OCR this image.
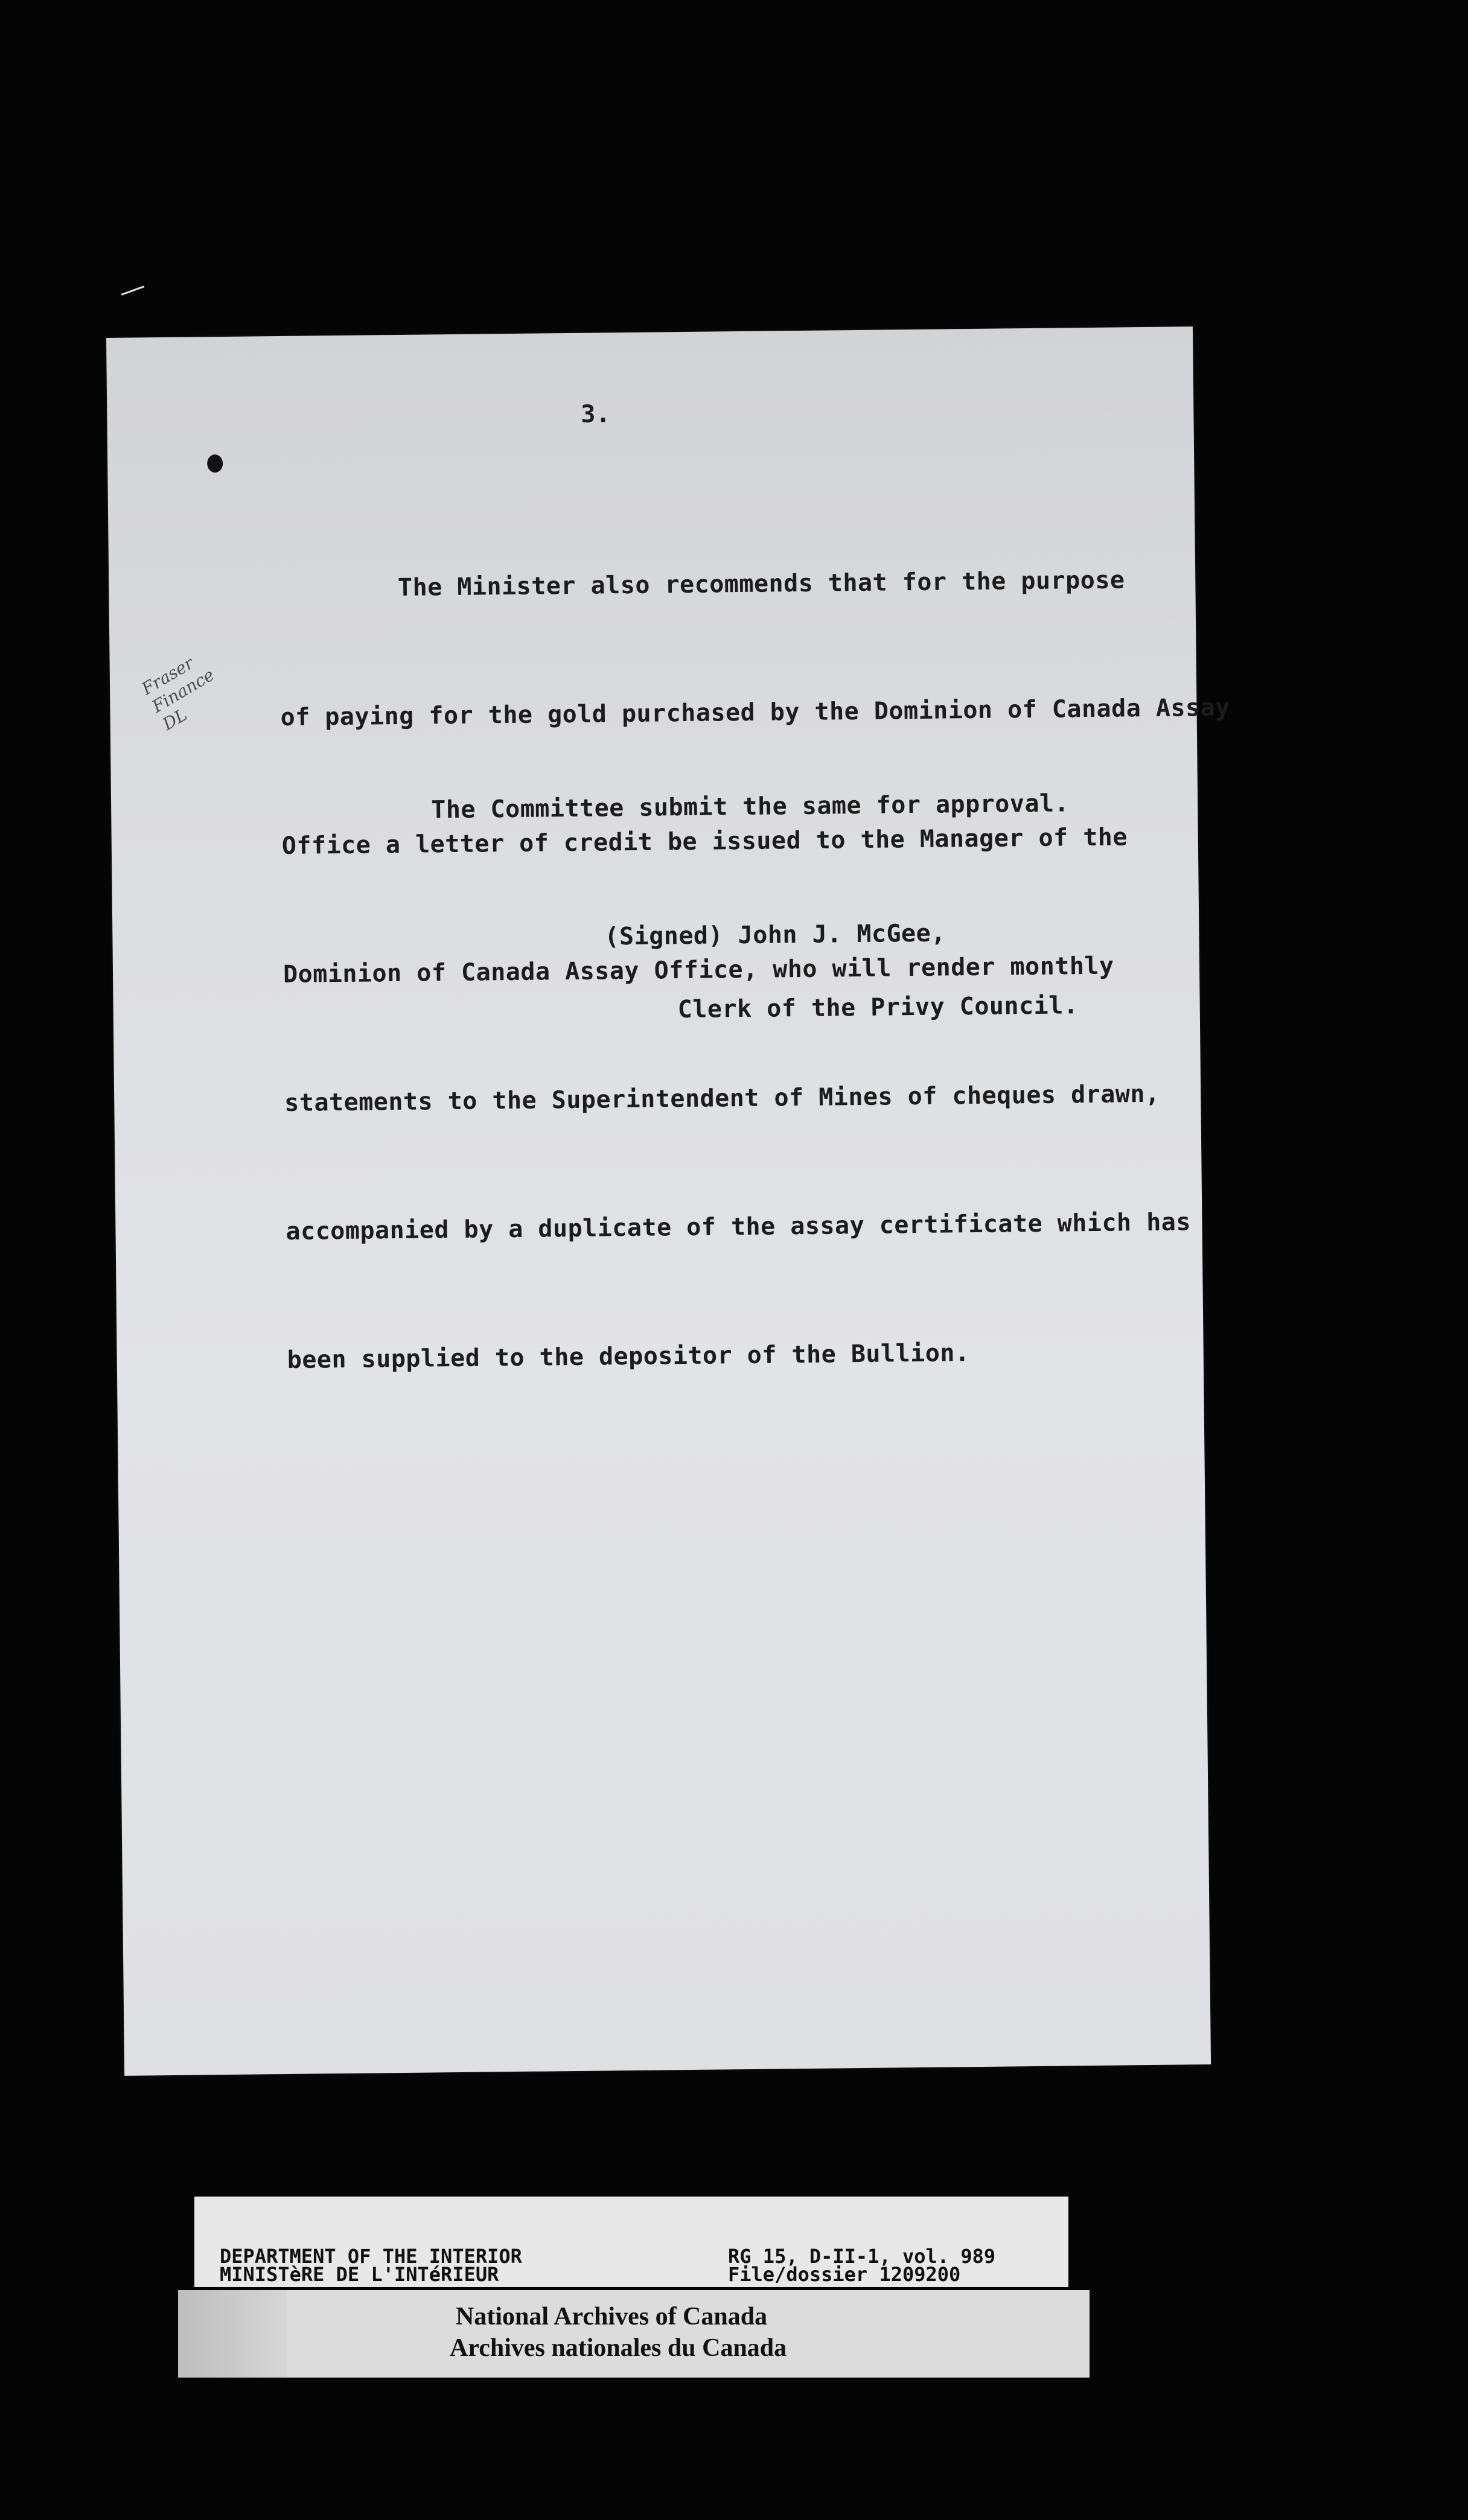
3.

The Minister also recommends that for the purpose

of paying for the gold purchased by the Dominion of Canada Assay

Office a letter of credit be issued to the Manager of the

Dominion of Canada Assay Office, who will render monthly

statements to the Superintendent of Mines of cheques drawn,

accompanied by a duplicate of the assay certificate which has

been supplied to the depositor of the Bullion.

The Committee submit the same for approval.
(Signed) John J. McGee,
Clerk of the Privy Council.
Fraser
Finance
DL
DEPARTMENT OF THE INTERIOR
MINISTèRE DE L'INTéRIEUR
RG 15, D-II-1, vol. 989
File/dossier 1209200
National Archives of Canada
Archives nationales du Canada
